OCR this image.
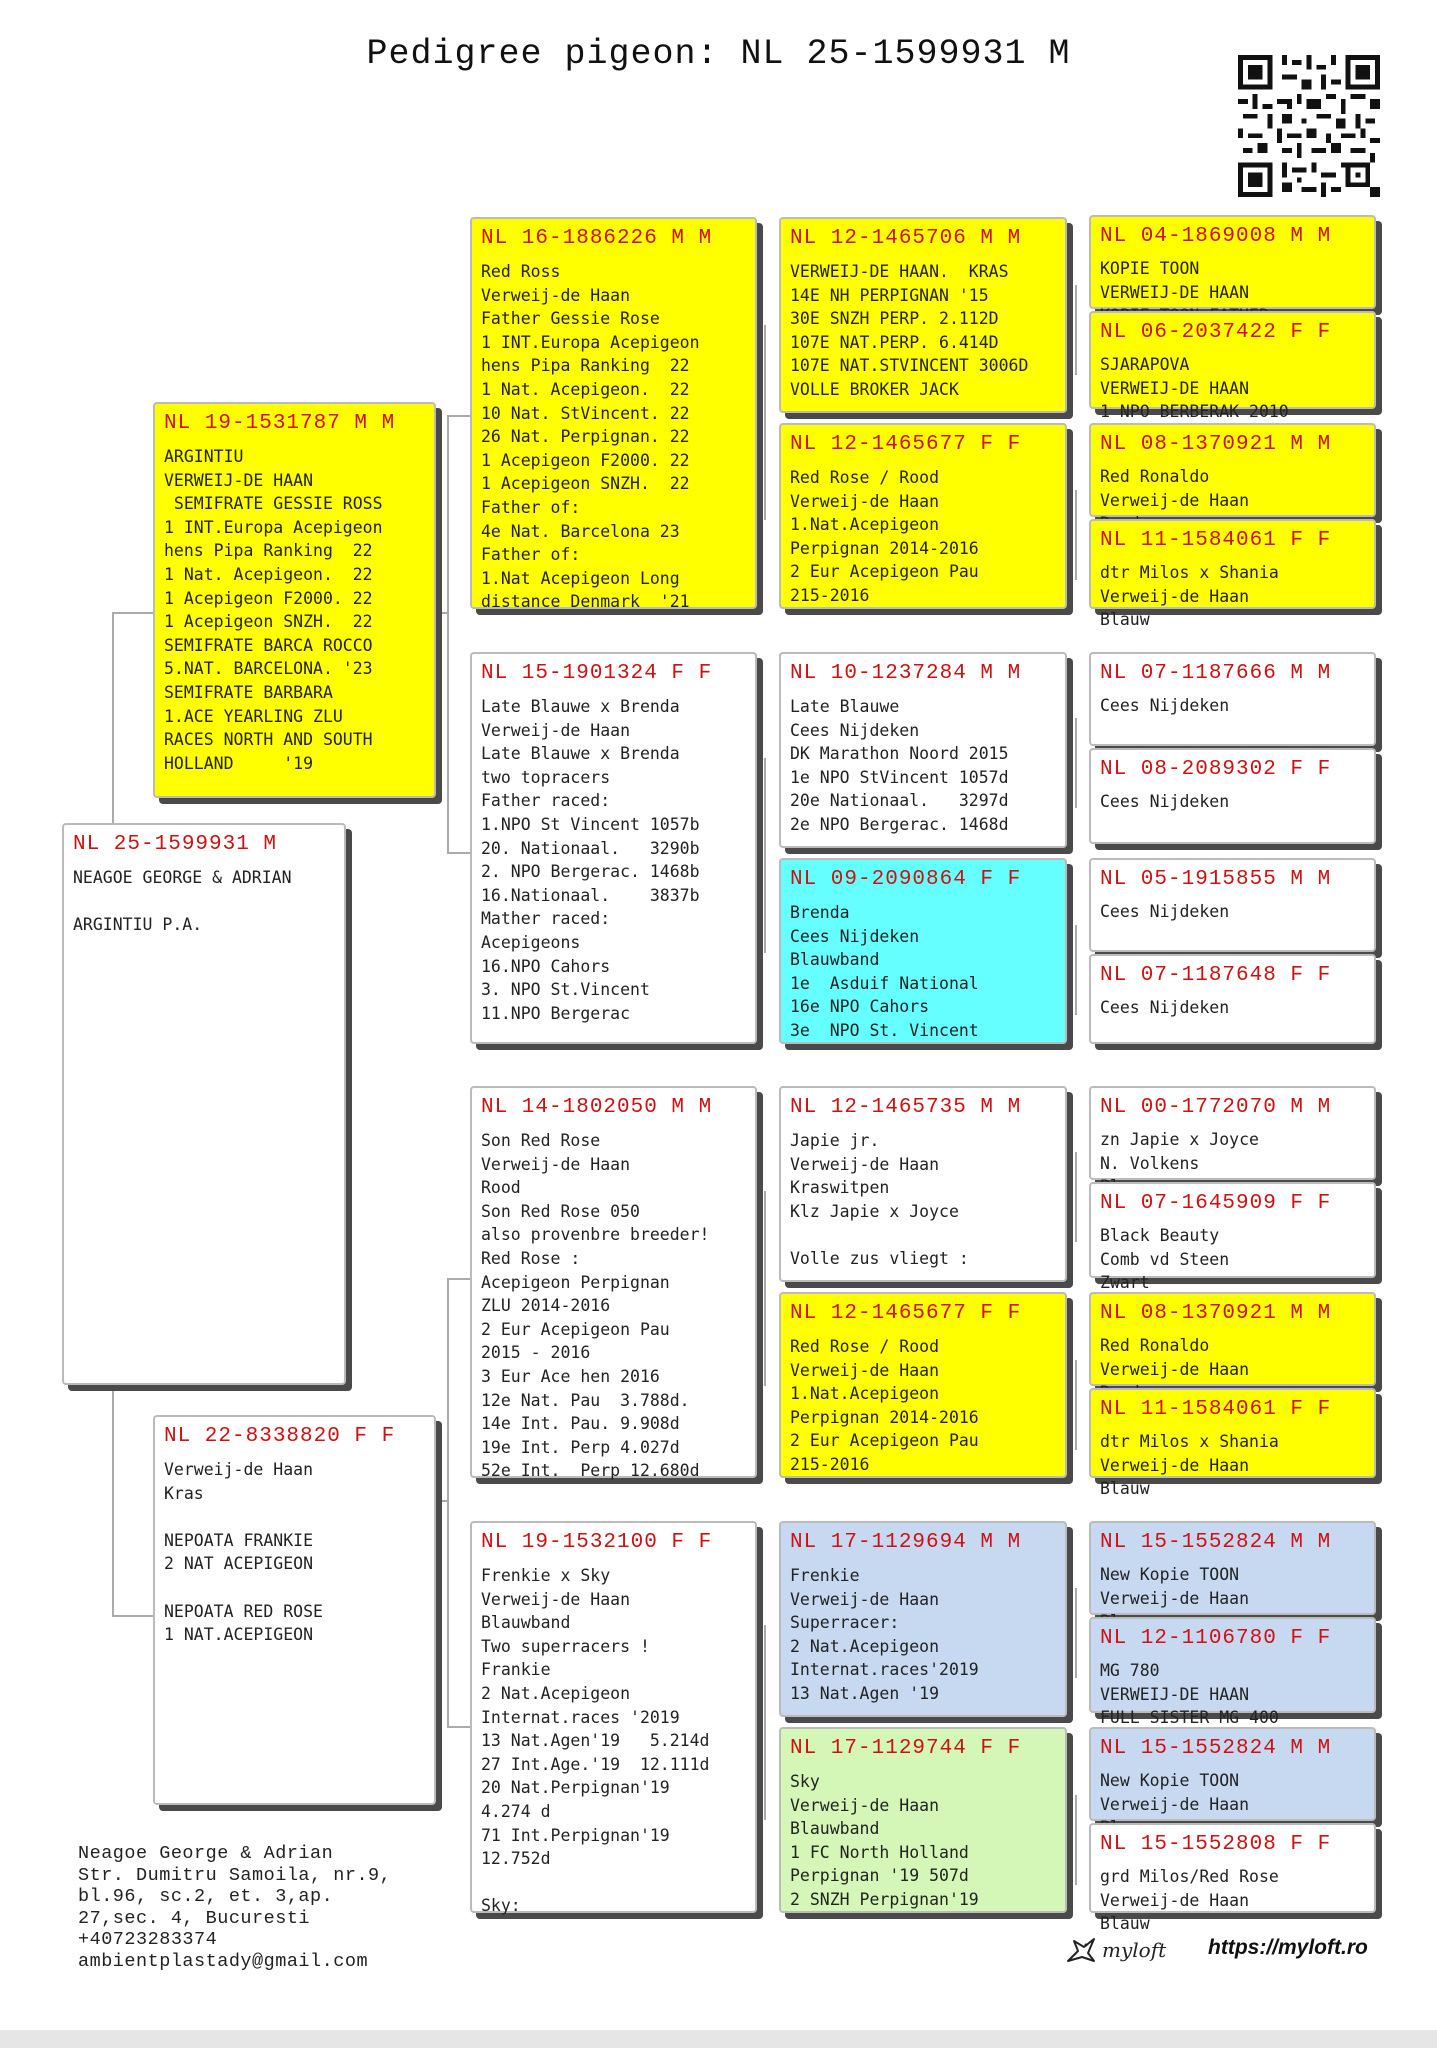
Pedigree pigeon: NL 25-1599931 M
NL 25-1599931 M
NEAGOE GEORGE & ADRIAN

ARGINTIU P.A.
NL 19-1531787 M M
ARGINTIU
VERWEIJ-DE HAAN
SEMIFRATE GESSIE ROSS
1 INT.Europa Acepigeon
hens Pipa Ranking  22
1 Nat. Acepigeon.  22
1 Acepigeon F2000. 22
1 Acepigeon SNZH.  22
SEMIFRATE BARCA ROCCO
5.NAT. BARCELONA. '23
SEMIFRATE BARBARA
1.ACE YEARLING ZLU
RACES NORTH AND SOUTH
HOLLAND     '19
NL 22-8338820 F F
Verweij-de Haan
Kras

NEPOATA FRANKIE
2 NAT ACEPIGEON

NEPOATA RED ROSE
1 NAT.ACEPIGEON
NL 16-1886226 M M
Red Ross
Verweij-de Haan
Father Gessie Rose
1 INT.Europa Acepigeon
hens Pipa Ranking  22
1 Nat. Acepigeon.  22
10 Nat. StVincent. 22
26 Nat. Perpignan. 22
1 Acepigeon F2000. 22
1 Acepigeon SNZH.  22
Father of:
4e Nat. Barcelona 23
Father of:
1.Nat Acepigeon Long
distance Denmark  '21
NL 15-1901324 F F
Late Blauwe x Brenda
Verweij-de Haan
Late Blauwe x Brenda
two topracers
Father raced:
1.NPO St Vincent 1057b
20. Nationaal.   3290b
2. NPO Bergerac. 1468b
16.Nationaal.    3837b
Mather raced:
Acepigeons
16.NPO Cahors
3. NPO St.Vincent
11.NPO Bergerac
NL 14-1802050 M M
Son Red Rose
Verweij-de Haan
Rood
Son Red Rose 050
also provenbre breeder!
Red Rose :
Acepigeon Perpignan
ZLU 2014-2016
2 Eur Acepigeon Pau
2015 - 2016
3 Eur Ace hen 2016
12e Nat. Pau  3.788d.
14e Int. Pau. 9.908d
19e Int. Perp 4.027d
52e Int.  Perp 12.680d
NL 19-1532100 F F
Frenkie x Sky
Verweij-de Haan
Blauwband
Two superracers !
Frankie
2 Nat.Acepigeon
Internat.races '2019
13 Nat.Agen'19   5.214d
27 Int.Age.'19  12.111d
20 Nat.Perpignan'19
4.274 d
71 Int.Perpignan'19
12.752d

Sky:
NL 12-1465706 M M
VERWEIJ-DE HAAN.  KRAS
14E NH PERPIGNAN '15
30E SNZH PERP. 2.112D
107E NAT.PERP. 6.414D
107E NAT.STVINCENT 3006D
VOLLE BROKER JACK
NL 12-1465677 F F
Red Rose / Rood
Verweij-de Haan
1.Nat.Acepigeon
Perpignan 2014-2016
2 Eur Acepigeon Pau
215-2016
NL 10-1237284 M M
Late Blauwe
Cees Nijdeken
DK Marathon Noord 2015
1e NPO StVincent 1057d
20e Nationaal.   3297d
2e NPO Bergerac. 1468d
NL 09-2090864 F F
Brenda
Cees Nijdeken
Blauwband
1e  Asduif National
16e NPO Cahors
3e  NPO St. Vincent
NL 12-1465735 M M
Japie jr.
Verweij-de Haan
Kraswitpen
Klz Japie x Joyce

Volle zus vliegt :
NL 12-1465677 F F
Red Rose / Rood
Verweij-de Haan
1.Nat.Acepigeon
Perpignan 2014-2016
2 Eur Acepigeon Pau
215-2016
NL 17-1129694 M M
Frenkie
Verweij-de Haan
Superracer:
2 Nat.Acepigeon
Internat.races'2019
13 Nat.Agen '19
NL 17-1129744 F F
Sky
Verweij-de Haan
Blauwband
1 FC North Holland
Perpignan '19 507d
2 SNZH Perpignan'19
NL 04-1869008 M M
KOPIE TOON
VERWEIJ-DE HAAN

NL 06-2037422 F F
SJARAPOVA
VERWEIJ-DE HAAN
1 NPO BERBERAK 2010
NL 08-1370921 M M
Red Ronaldo
Verweij-de Haan

NL 11-1584061 F F
dtr Milos x Shania
Verweij-de Haan
Blauw
NL 07-1187666 M M
Cees Nijdeken
NL 08-2089302 F F
Cees Nijdeken
NL 05-1915855 M M
Cees Nijdeken
NL 07-1187648 F F
Cees Nijdeken
NL 00-1772070 M M
zn Japie x Joyce
N. Volkens

NL 07-1645909 F F
Black Beauty
Comb vd Steen
Zwart
NL 08-1370921 M M
Red Ronaldo
Verweij-de Haan

NL 11-1584061 F F
dtr Milos x Shania
Verweij-de Haan
Blauw
NL 15-1552824 M M
New Kopie TOON
Verweij-de Haan

NL 12-1106780 F F
MG 780
VERWEIJ-DE HAAN
FULL SISTER MG 400
NL 15-1552824 M M
New Kopie TOON
Verweij-de Haan

NL 15-1552808 F F
grd Milos/Red Rose
Verweij-de Haan
Blauw
Neagoe George & Adrian
Str. Dumitru Samoila, nr.9,
bl.96, sc.2, et. 3,ap.
27,sec. 4, Bucuresti
+40723283374
ambientplastady@gmail.com	myloft https://myloft.ro
